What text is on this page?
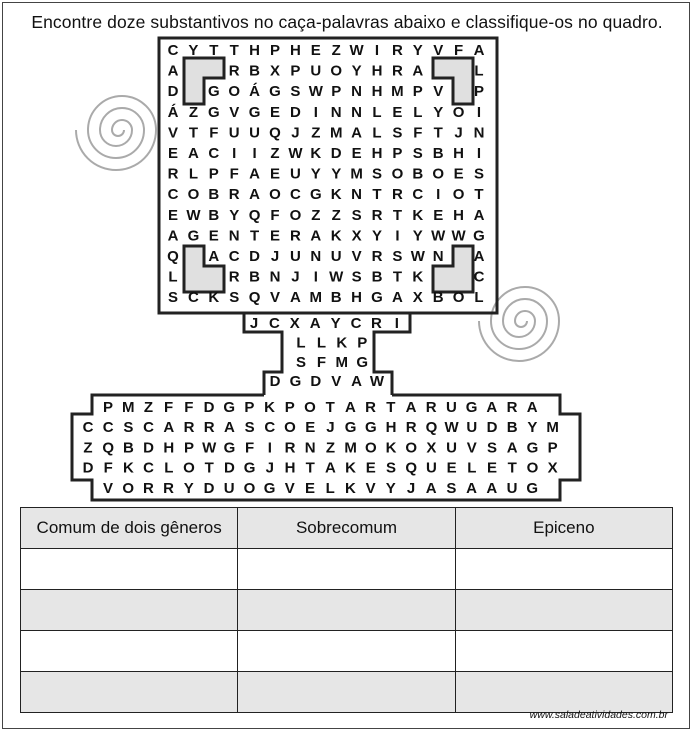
Encontre doze substantivos no caça-palavras abaixo e classifique-os no quadro.
C Y T T H P H E Z W I R Y V F A
A	R B X P U O Y H R A	L
D G O Á G S W P N H M P V P
Á Z G V G E D I N N L E L Y O I
V T F U U Q J Z M A L S F T J N
E A C I I Z W K D E H P S B H I
R L P F A E U Y Y M S O B O E S
C O B R A O C G K N T R C I O T
E W B Y Q F O Z Z S R T K E H A
A G E N T E R A K X Y I Y W W G
Q A C D J U N U V R S W N A
L	R B N J I W S B T K	C
S C K S Q V A M B H G A X B O L
J C X A Y C R I
L L K P
S F M G
D G D V A W
P M Z F F D G P K P O T A R T A R U G A R A
C C S C A R R A S C O E J G G H R Q W U D B Y M
Z Q B D H P W G F I R N Z M O K O X U V S A G P
D F K C L O T D G J H T A K E S Q U E L E T O X
V O R R Y D U O G V E L K V Y J A S A A U G
Comum de dois gêneros	Sobrecomum	Epiceno

www.saladeatividades.com.br
